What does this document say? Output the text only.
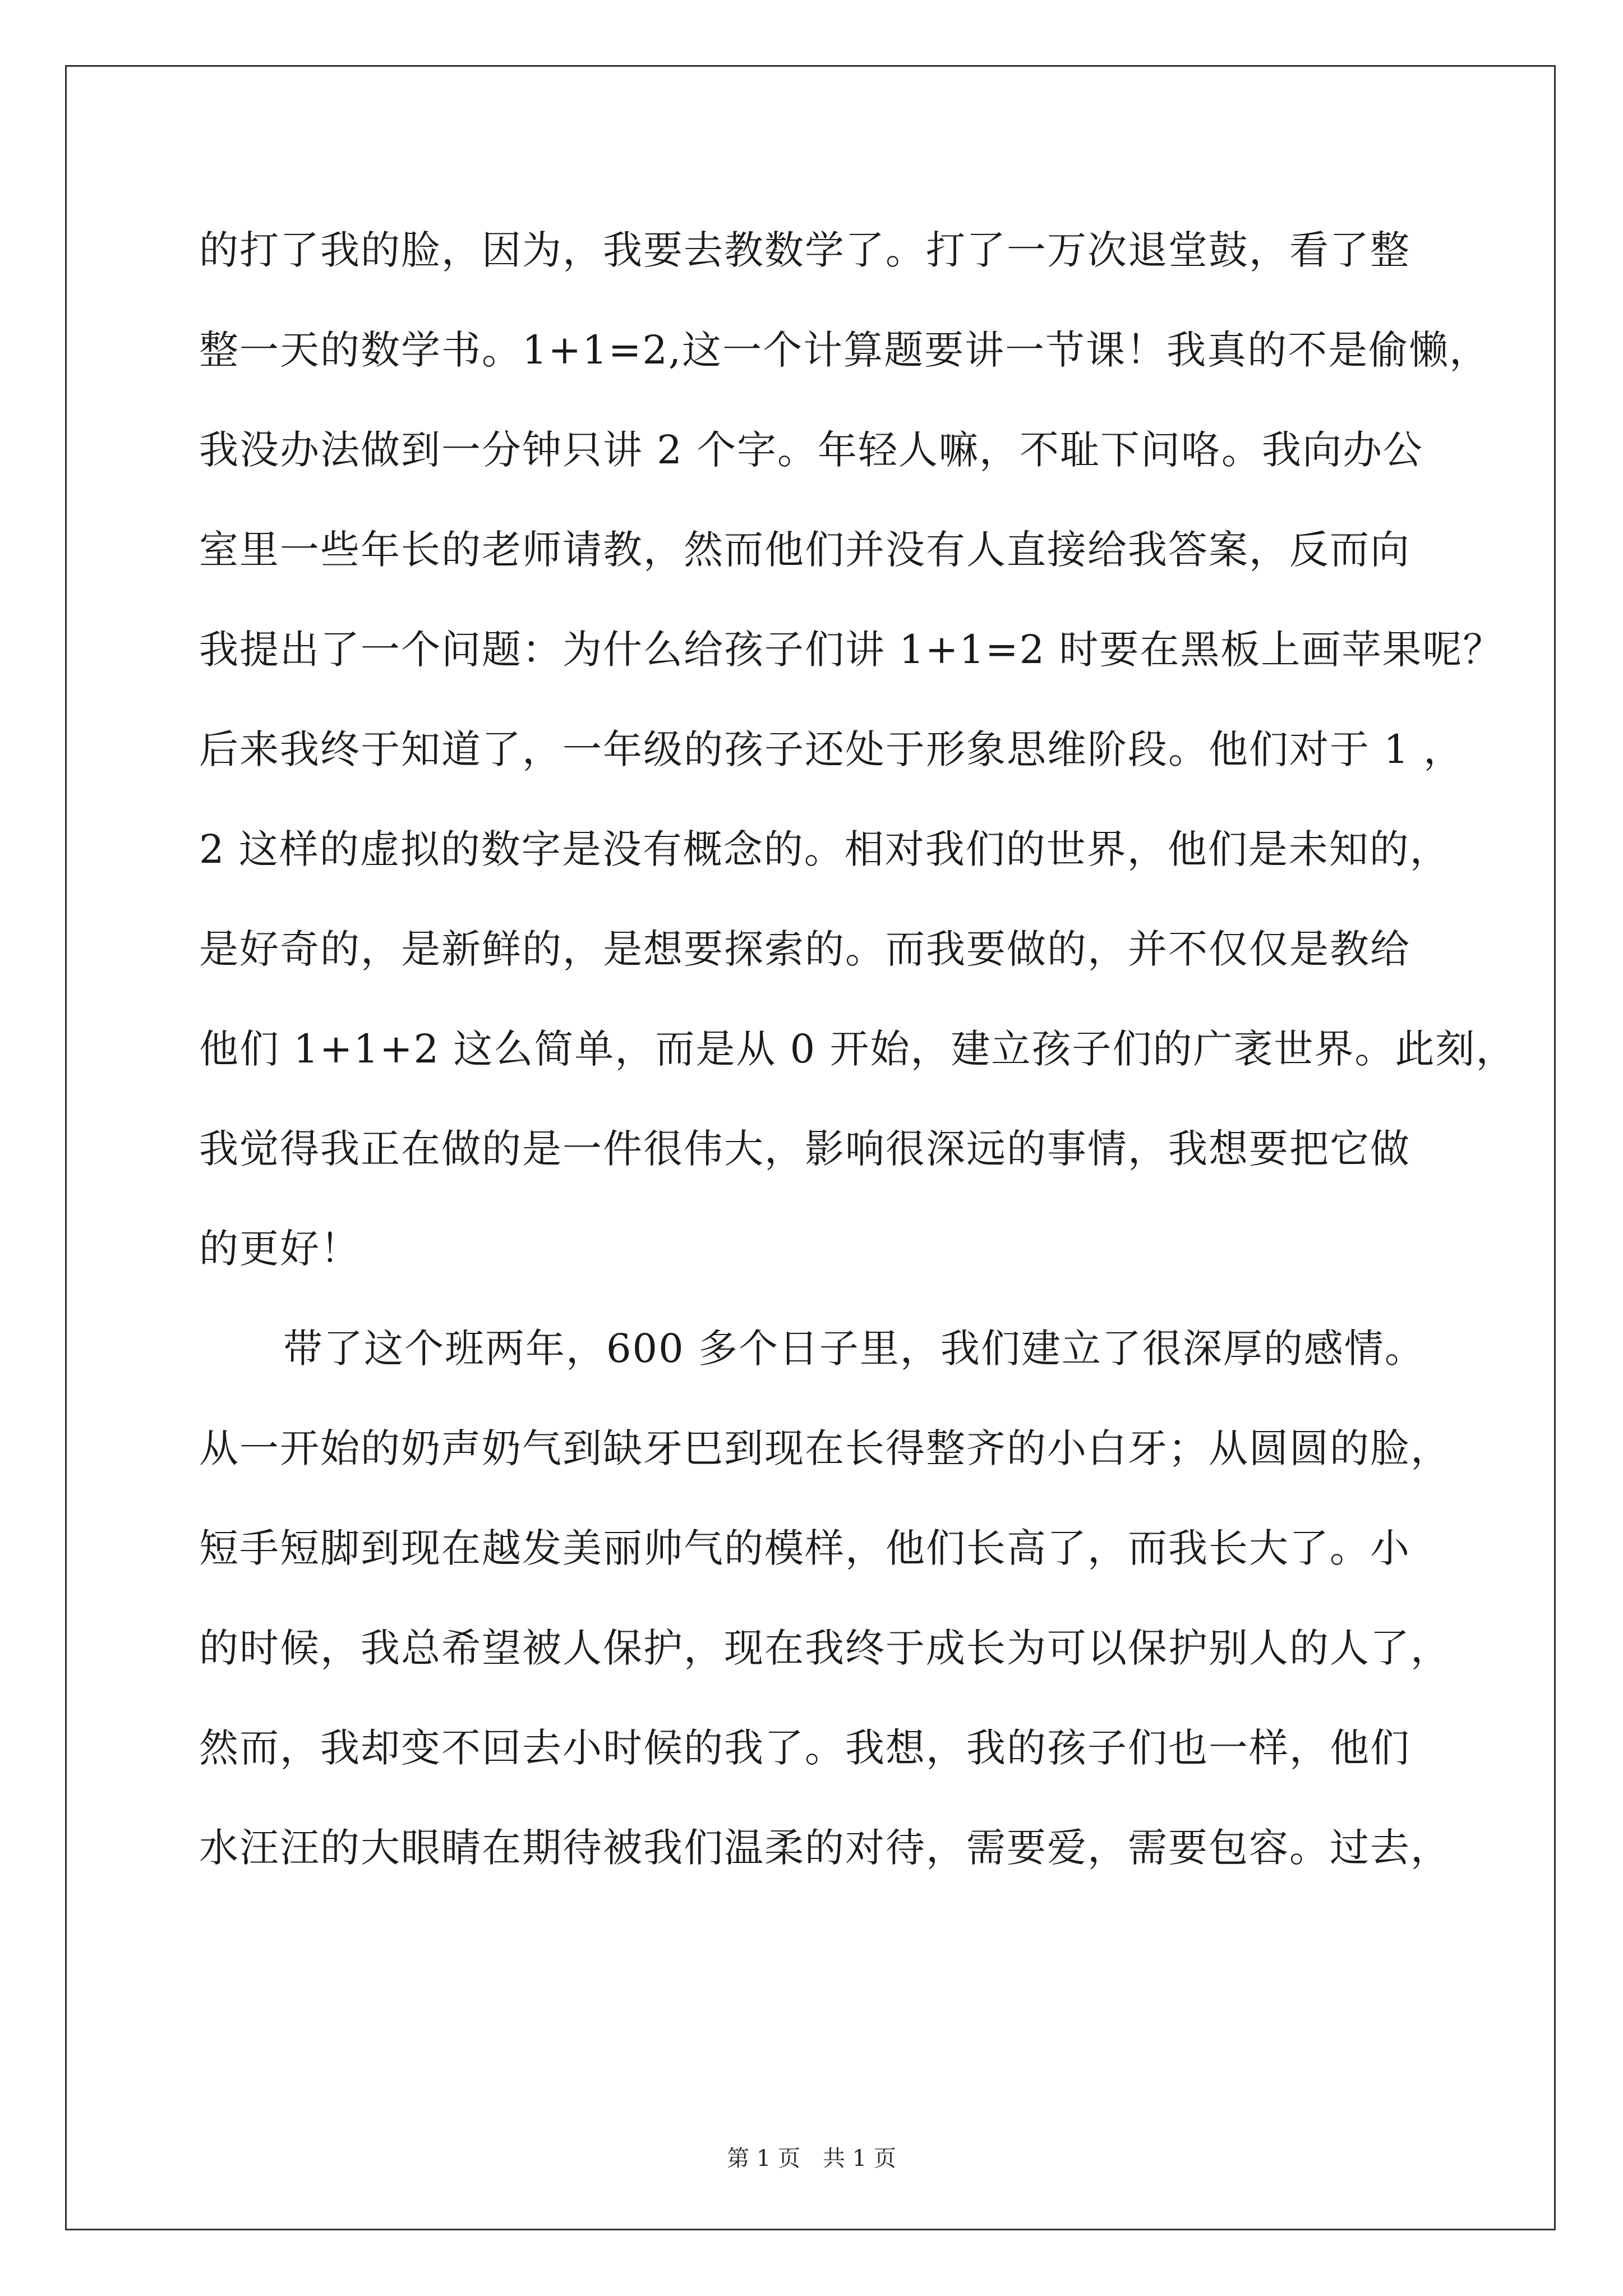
的打了我的脸，因为，我要去教数学了。打了一万次退堂鼓，看了整
整一天的数学书。1+1=2,这一个计算题要讲一节课！我真的不是偷懒，
我没办法做到一分钟只讲 2 个字。年轻人嘛，不耻下问咯。我向办公
室里一些年长的老师请教，然而他们并没有人直接给我答案，反而向
我提出了一个问题：为什么给孩子们讲 1+1=2 时要在黑板上画苹果呢？
后来我终于知道了，一年级的孩子还处于形象思维阶段。他们对于 1 ，
2 这样的虚拟的数字是没有概念的。相对我们的世界，他们是未知的，
是好奇的，是新鲜的，是想要探索的。而我要做的，并不仅仅是教给
他们 1+1+2 这么简单，而是从 0 开始，建立孩子们的广袤世界。此刻，
我觉得我正在做的是一件很伟大，影响很深远的事情，我想要把它做
的更好！
带了这个班两年，600 多个日子里，我们建立了很深厚的感情。
从一开始的奶声奶气到缺牙巴到现在长得整齐的小白牙；从圆圆的脸，
短手短脚到现在越发美丽帅气的模样，他们长高了，而我长大了。小
的时候，我总希望被人保护，现在我终于成长为可以保护别人的人了，
然而，我却变不回去小时候的我了。我想，我的孩子们也一样，他们
水汪汪的大眼睛在期待被我们温柔的对待，需要爱，需要包容。过去，
第 1 页　共 1 页
